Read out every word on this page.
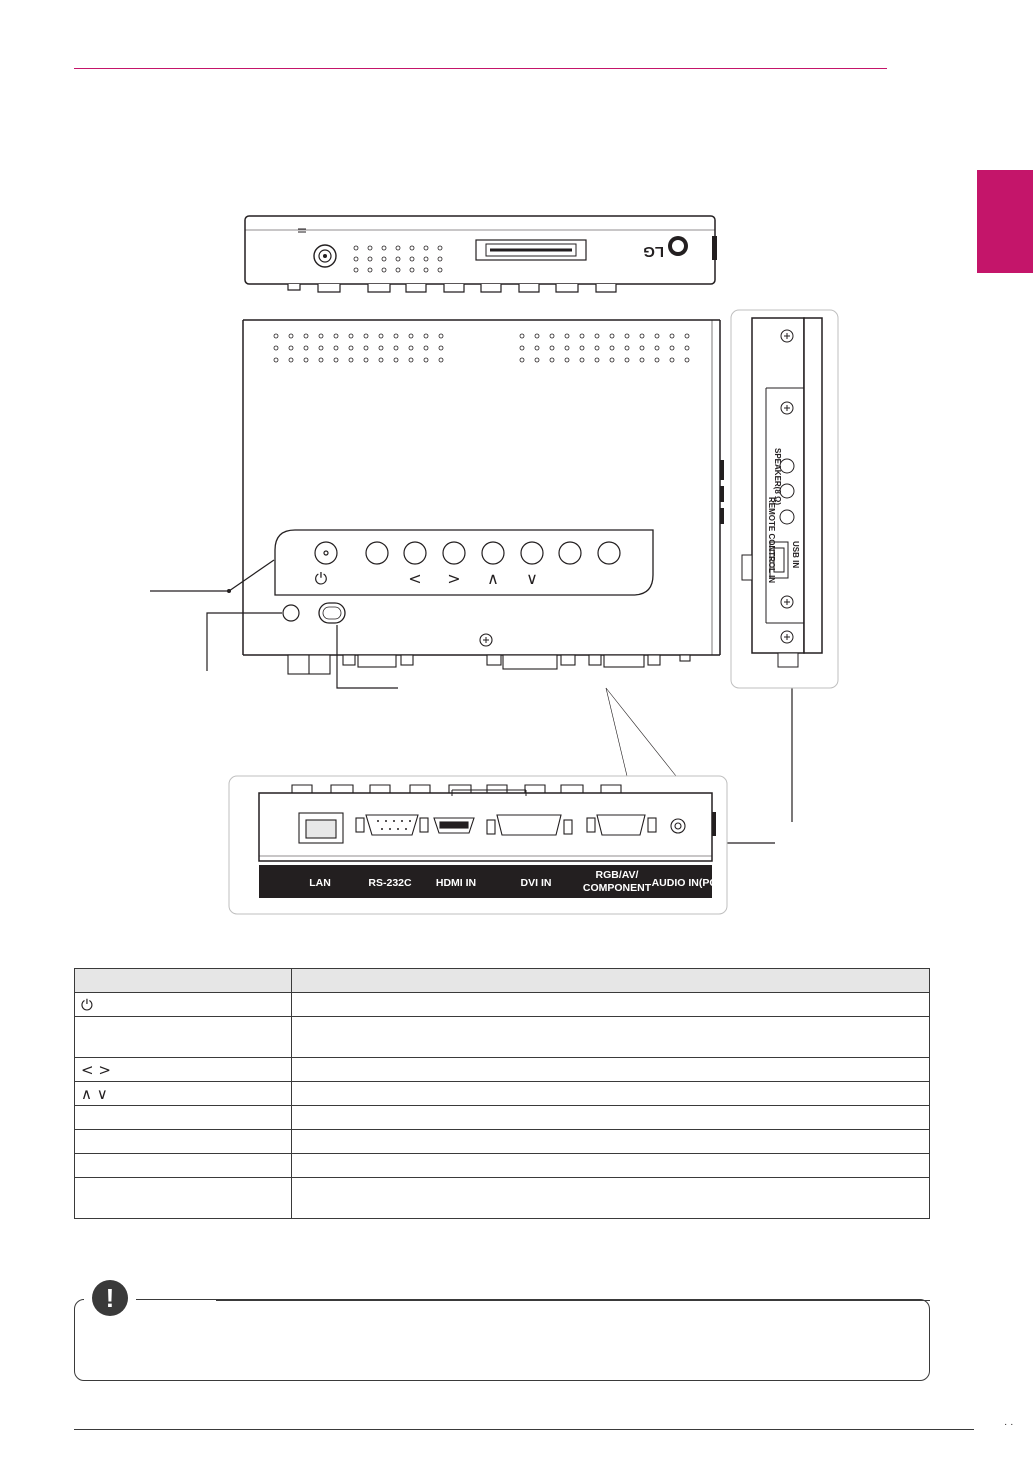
LG
⏻	< > ∧ ∨
SPEAKER(8 Ω)
REMOTE CONTROL IN USB IN
LAN	RS-232C HDMI IN	DVI IN
RGB/AV/
COMPONENT AUDIO IN(PC)

⏻	

< >	
∧ ∨	

!
· ·
